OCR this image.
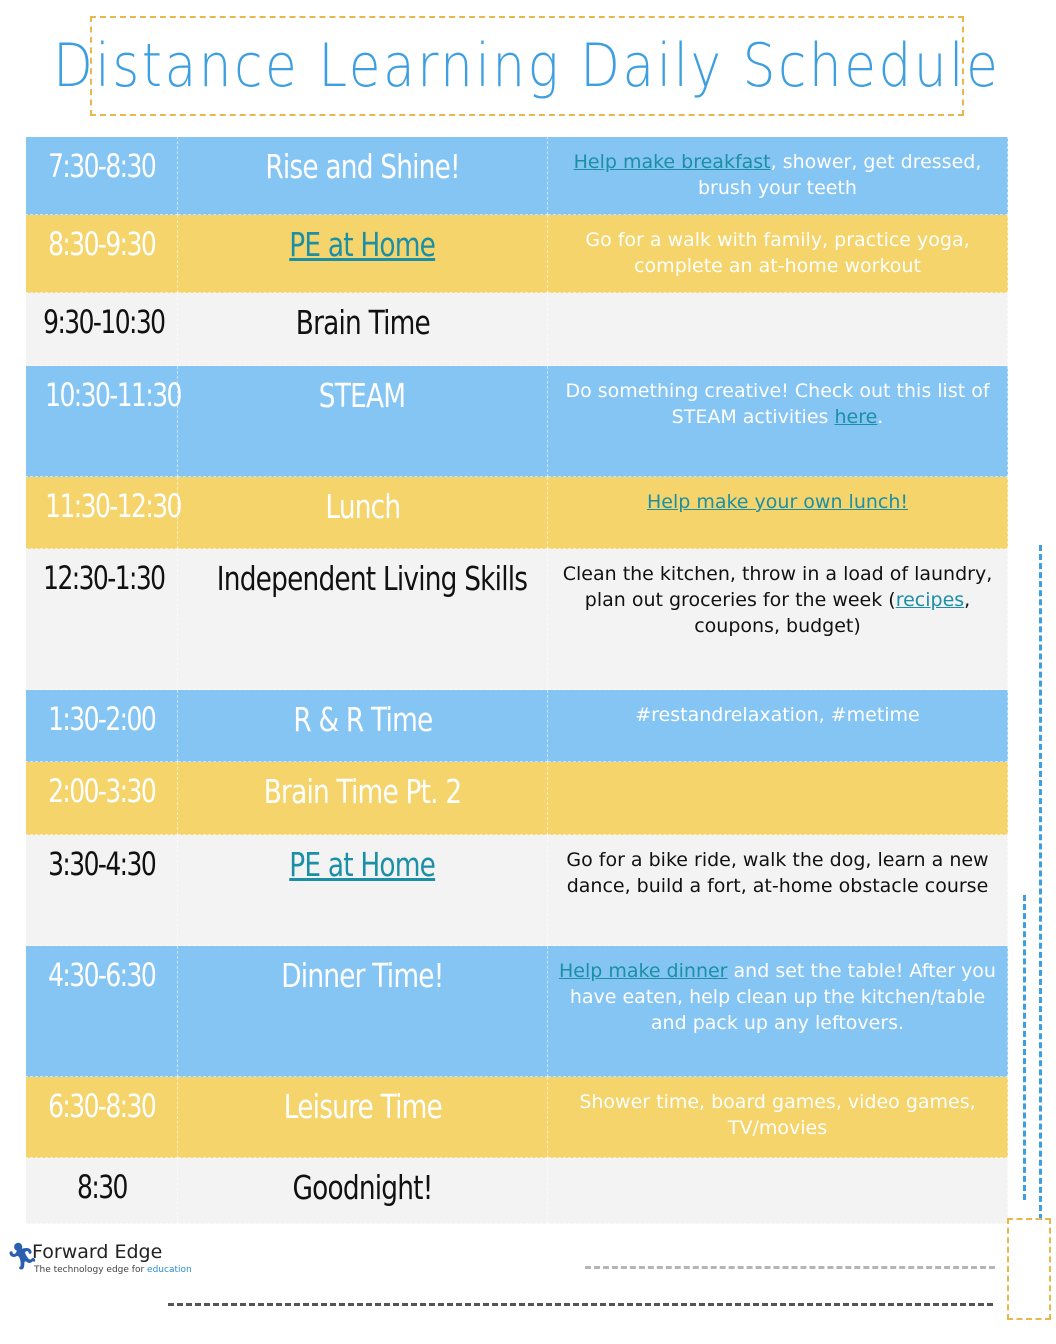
Distance Learning Daily Schedule
7:30-8:30	Rise and Shine!	Help make breakfast, shower, get dressed, brush your teeth
8:30-9:30	PE at Home	Go for a walk with family, practice yoga, complete an at-home workout
9:30-10:30	Brain Time	
10:30-11:30	STEAM	Do something creative! Check out this list of STEAM activities here.
11:30-12:30	Lunch	Help make your own lunch!
12:30-1:30	Independent Living Skills	Clean the kitchen, throw in a load of laundry, plan out groceries for the week (recipes, coupons, budget)
1:30-2:00	R & R Time	#restandrelaxation, #metime
2:00-3:30	Brain Time Pt. 2	
3:30-4:30	PE at Home	Go for a bike ride, walk the dog, learn a new dance, build a fort, at-home obstacle course
4:30-6:30	Dinner Time!	Help make dinner and set the table! After you have eaten, help clean up the kitchen/table and pack up any leftovers.
6:30-8:30	Leisure Time	Shower time, board games, video games, TV/movies
8:30	Goodnight!	
🏃︎
Forward Edge
The technology edge for education
